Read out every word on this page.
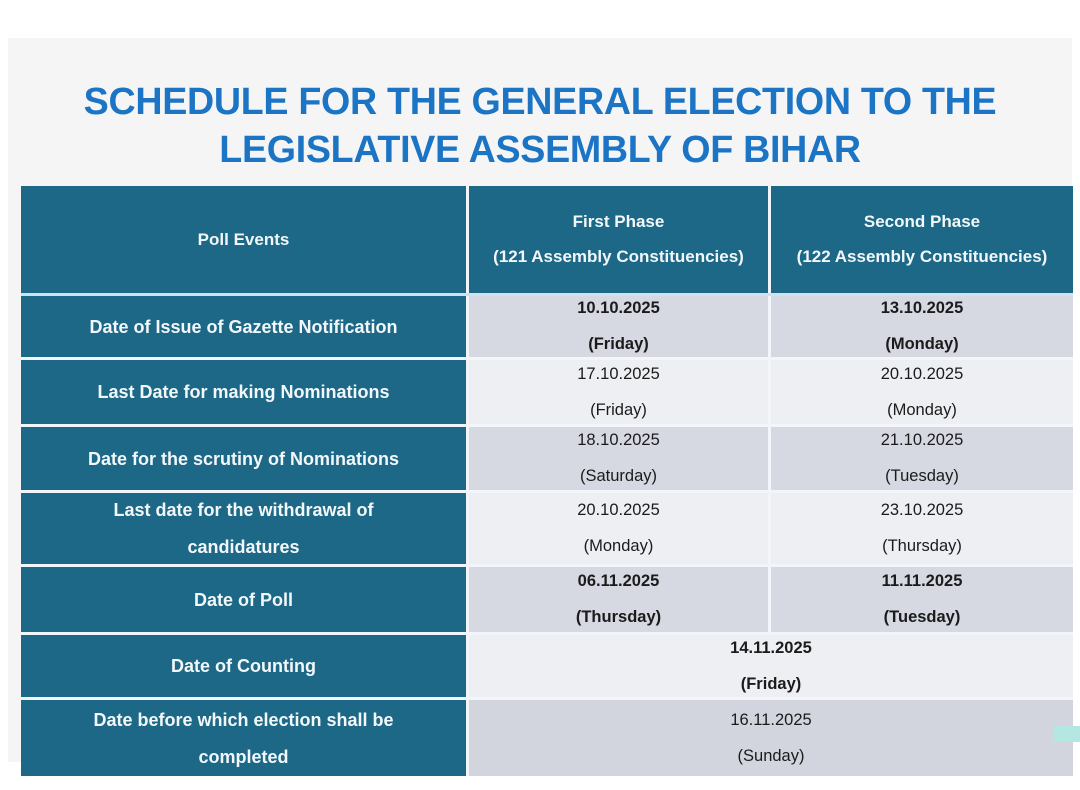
SCHEDULE FOR THE GENERAL ELECTION TO THE
LEGISLATIVE ASSEMBLY OF BIHAR
Poll Events
First Phase
(121 Assembly Constituencies)
Second Phase
(122 Assembly Constituencies)
Date of Issue of Gazette Notification
10.10.2025
(Friday)
13.10.2025
(Monday)
Last Date for making Nominations
17.10.2025
(Friday)
20.10.2025
(Monday)
Date for the scrutiny of Nominations
18.10.2025
(Saturday)
21.10.2025
(Tuesday)
Last date for the withdrawal of
candidatures
20.10.2025
(Monday)
23.10.2025
(Thursday)
Date of Poll
06.11.2025
(Thursday)
11.11.2025
(Tuesday)
Date of Counting
14.11.2025
(Friday)
Date before which election shall be
completed
16.11.2025
(Sunday)
